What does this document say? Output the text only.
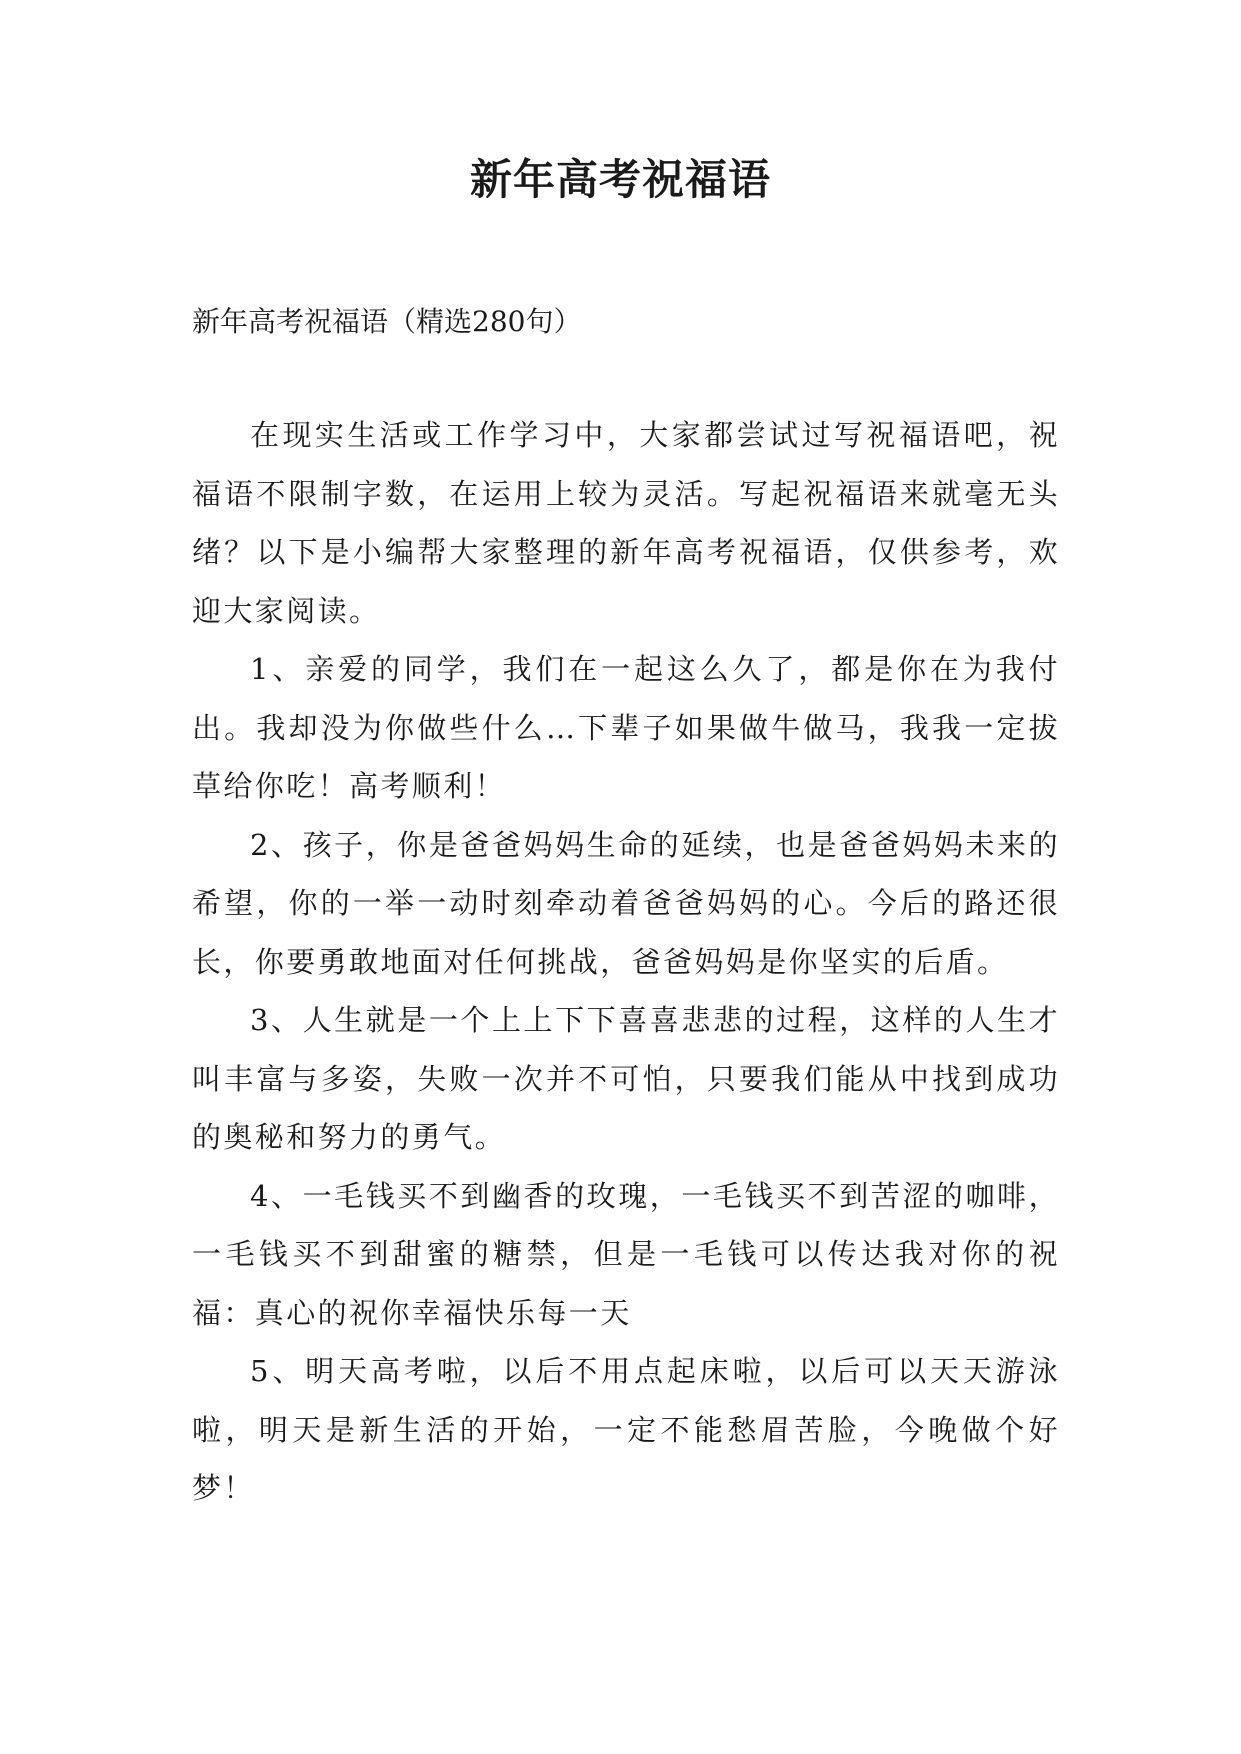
新年高考祝福语

新年高考祝福语（精选280句）

在现实生活或工作学习中，大家都尝试过写祝福语吧，祝福语不限制字数，在运用上较为灵活。写起祝福语来就毫无头绪？以下是小编帮大家整理的新年高考祝福语，仅供参考，欢迎大家阅读。

1、亲爱的同学，我们在一起这么久了，都是你在为我付出。我却没为你做些什么…下辈子如果做牛做马，我我一定拔草给你吃！高考顺利！

2、孩子，你是爸爸妈妈生命的延续，也是爸爸妈妈未来的希望，你的一举一动时刻牵动着爸爸妈妈的心。今后的路还很长，你要勇敢地面对任何挑战，爸爸妈妈是你坚实的后盾。

3、人生就是一个上上下下喜喜悲悲的过程，这样的人生才叫丰富与多姿，失败一次并不可怕，只要我们能从中找到成功的奥秘和努力的勇气。

4、一毛钱买不到幽香的玫瑰，一毛钱买不到苦涩的咖啡，一毛钱买不到甜蜜的糖禁，但是一毛钱可以传达我对你的祝福：真心的祝你幸福快乐每一天

5、明天高考啦，以后不用点起床啦，以后可以天天游泳啦，明天是新生活的开始，一定不能愁眉苦脸，今晚做个好梦！
